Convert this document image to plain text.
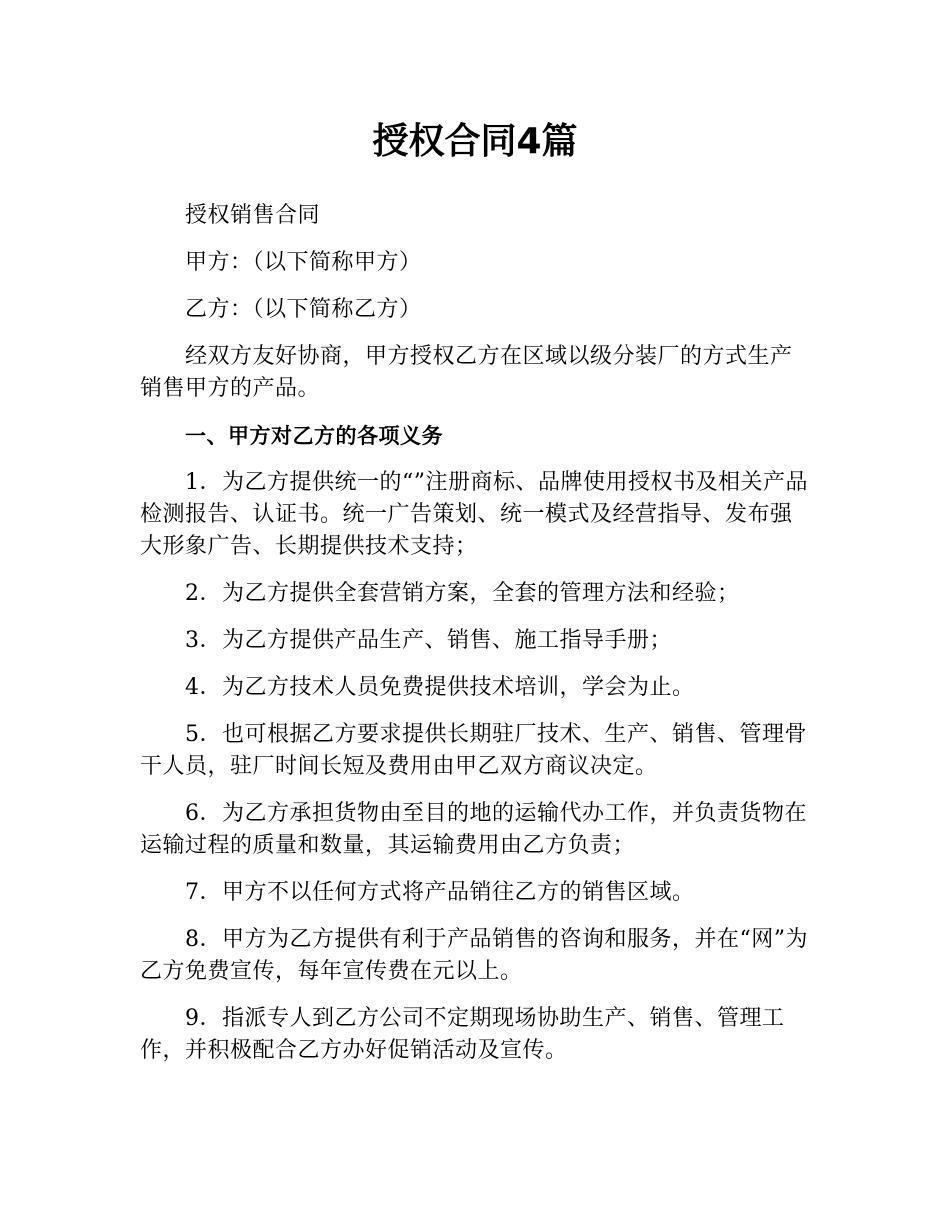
授权合同4篇

授权销售合同

甲方：（以下简称甲方）

乙方：（以下简称乙方）

经双方友好协商，甲方授权乙方在区域以级分装厂的方式生产销售甲方的产品。

一、甲方对乙方的各项义务

1．为乙方提供统一的“”注册商标、品牌使用授权书及相关产品检测报告、认证书。统一广告策划、统一模式及经营指导、发布强大形象广告、长期提供技术支持；

2．为乙方提供全套营销方案，全套的管理方法和经验；

3．为乙方提供产品生产、销售、施工指导手册；

4．为乙方技术人员免费提供技术培训，学会为止。

5．也可根据乙方要求提供长期驻厂技术、生产、销售、管理骨干人员，驻厂时间长短及费用由甲乙双方商议决定。

6．为乙方承担货物由至目的地的运输代办工作，并负责货物在运输过程的质量和数量，其运输费用由乙方负责；

7．甲方不以任何方式将产品销往乙方的销售区域。

8．甲方为乙方提供有利于产品销售的咨询和服务，并在“网”为乙方免费宣传，每年宣传费在元以上。

9．指派专人到乙方公司不定期现场协助生产、销售、管理工作，并积极配合乙方办好促销活动及宣传。
